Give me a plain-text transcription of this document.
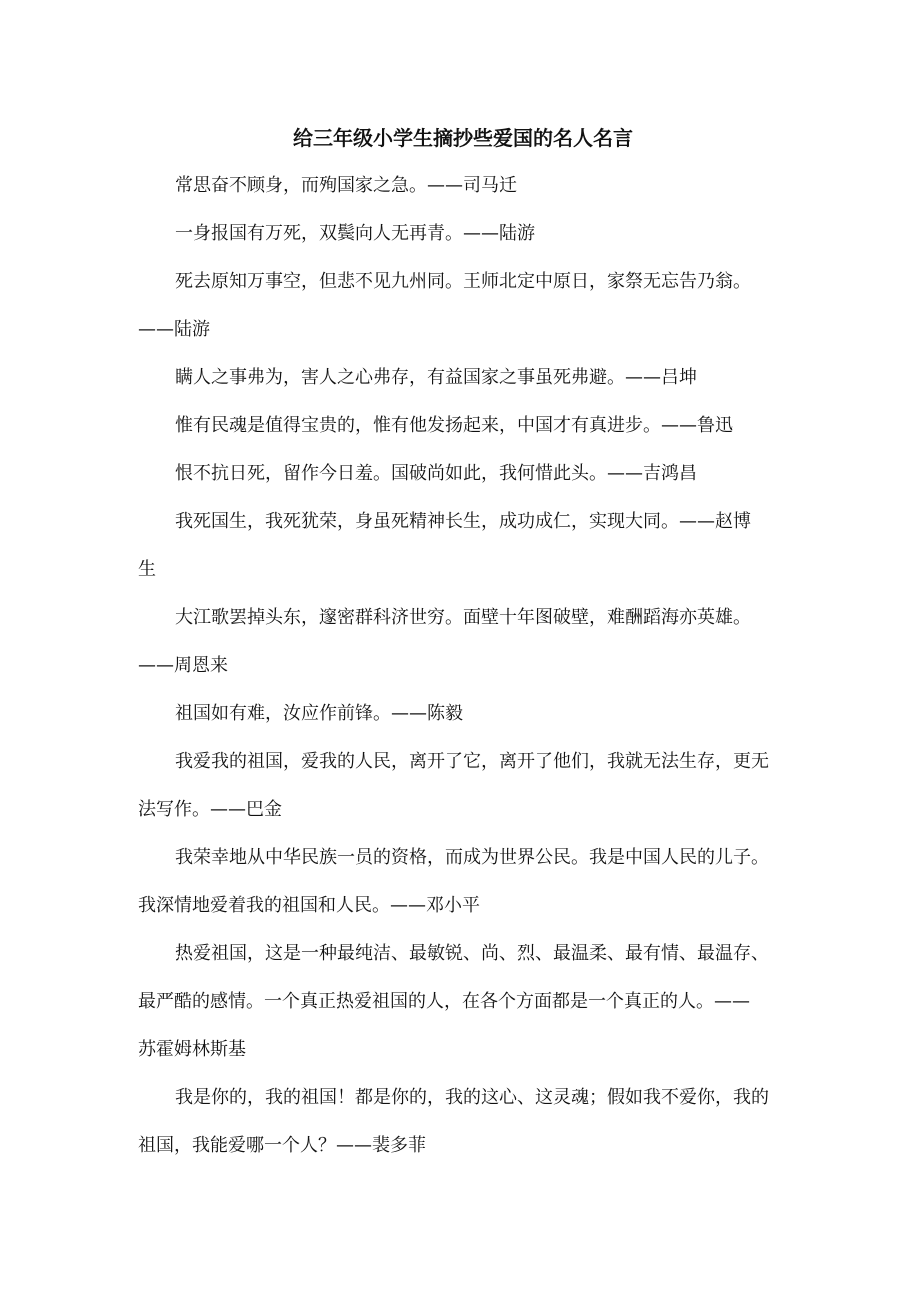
给三年级小学生摘抄些爱国的名人名言

常思奋不顾身，而殉国家之急。——司马迁

一身报国有万死，双鬓向人无再青。——陆游

死去原知万事空，但悲不见九州同。王师北定中原日，家祭无忘告乃翁。
——陆游

瞒人之事弗为，害人之心弗存，有益国家之事虽死弗避。——吕坤

惟有民魂是值得宝贵的，惟有他发扬起来，中国才有真进步。——鲁迅

恨不抗日死，留作今日羞。国破尚如此，我何惜此头。——吉鸿昌

我死国生，我死犹荣，身虽死精神长生，成功成仁，实现大同。——赵博
生

大江歌罢掉头东，邃密群科济世穷。面壁十年图破壁，难酬蹈海亦英雄。
——周恩来

祖国如有难，汝应作前锋。——陈毅

我爱我的祖国，爱我的人民，离开了它，离开了他们，我就无法生存，更无
法写作。——巴金

我荣幸地从中华民族一员的资格，而成为世界公民。我是中国人民的儿子。
我深情地爱着我的祖国和人民。——邓小平

热爱祖国，这是一种最纯洁、最敏锐、尚、烈、最温柔、最有情、最温存、
最严酷的感情。一个真正热爱祖国的人，在各个方面都是一个真正的人。——
苏霍姆林斯基

我是你的，我的祖国！都是你的，我的这心、这灵魂；假如我不爱你，我的
祖国，我能爱哪一个人？——裴多菲
